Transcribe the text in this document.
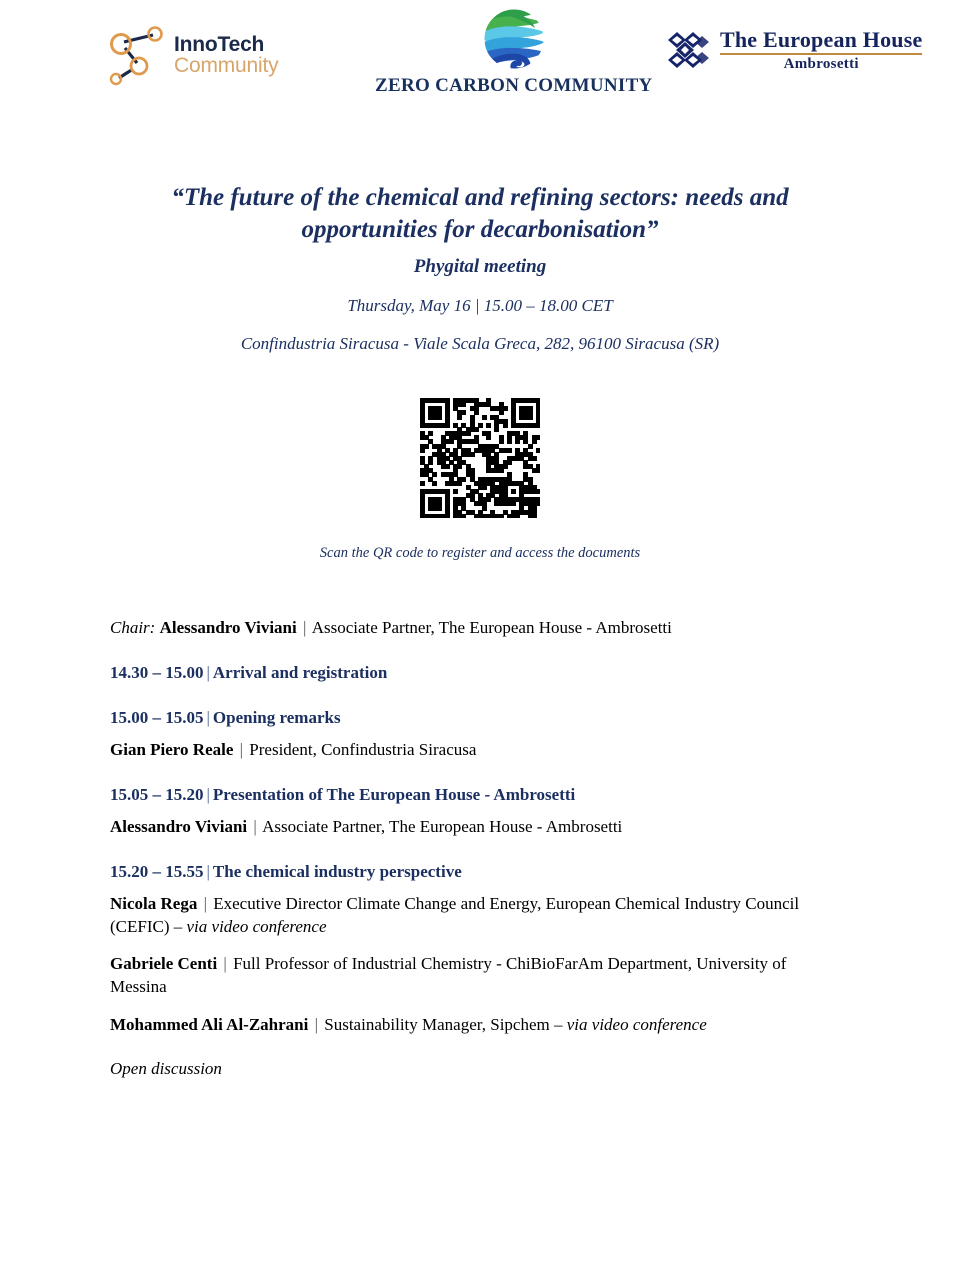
InnoTech
Community
ZERO CARBON COMMUNITY
The European House
Ambrosetti
“The future of the chemical and refining sectors: needs and opportunities for decarbonisation”
Phygital meeting
Thursday, May 16 | 15.00 – 18.00 CET
Confindustria Siracusa - Viale Scala Greca, 282, 96100 Siracusa (SR)
Scan the QR code to register and access the documents
Chair: Alessandro Viviani | Associate Partner, The European House - Ambrosetti
14.30 – 15.00 | Arrival and registration
15.00 – 15.05 | Opening remarks
Gian Piero Reale | President, Confindustria Siracusa
15.05 – 15.20 | Presentation of The European House - Ambrosetti
Alessandro Viviani | Associate Partner, The European House - Ambrosetti
15.20 – 15.55 | The chemical industry perspective
Nicola Rega | Executive Director Climate Change and Energy, European Chemical Industry Council (CEFIC) – via video conference
Gabriele Centi | Full Professor of Industrial Chemistry - ChiBioFarAm Department, University of Messina
Mohammed Ali Al-Zahrani | Sustainability Manager, Sipchem – via video conference
Open discussion
